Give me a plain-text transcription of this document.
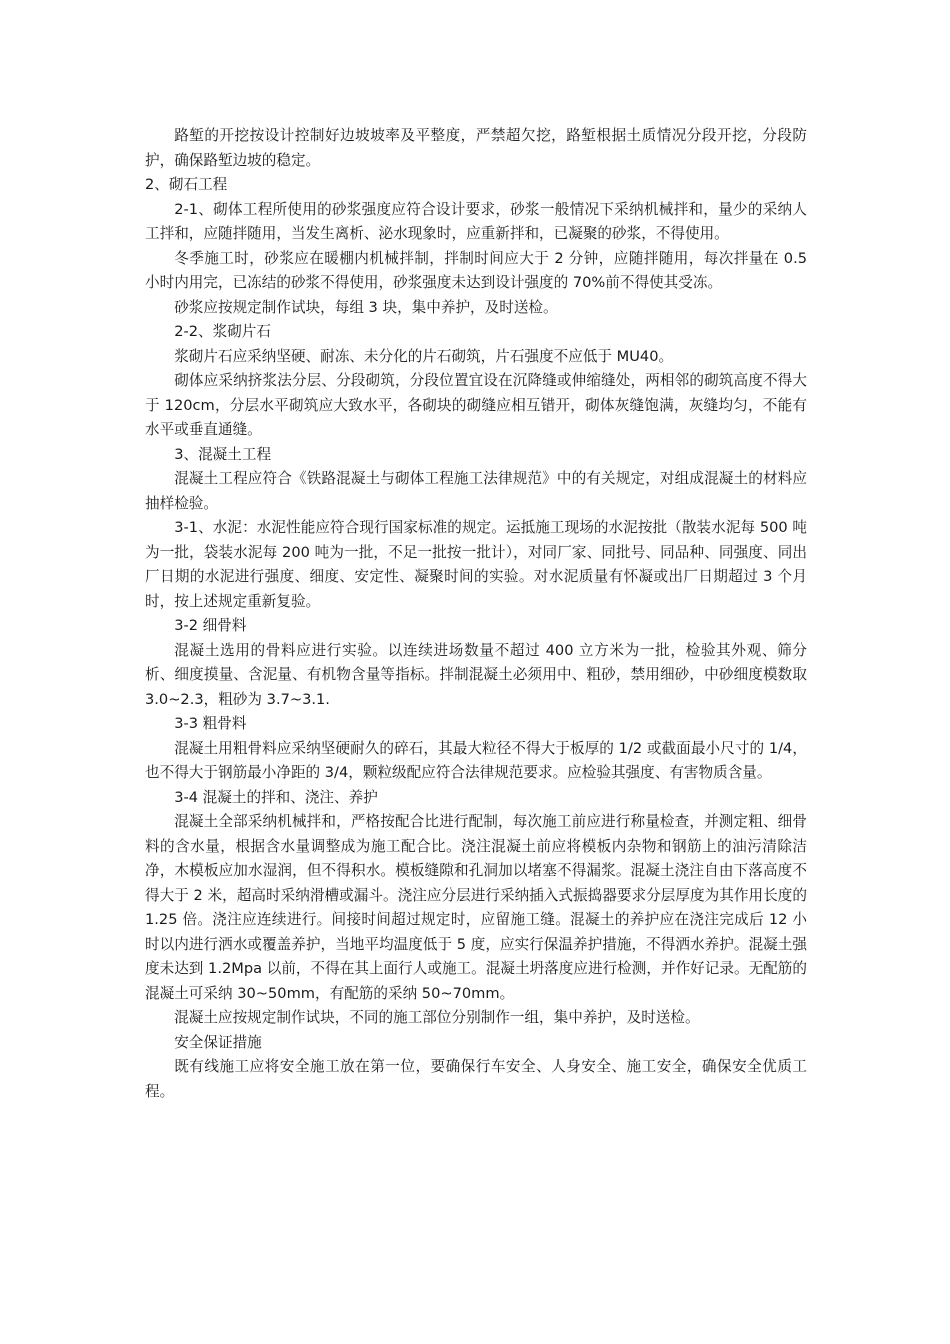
路堑的开挖按设计控制好边坡坡率及平整度，严禁超欠挖，路堑根据土质情况分段开挖，分段防护，确保路堑边坡的稳定。

2、砌石工程

2-1、砌体工程所使用的砂浆强度应符合设计要求，砂浆一般情况下采纳机械拌和，量少的采纳人工拌和，应随拌随用，当发生离析、泌水现象时，应重新拌和，已凝聚的砂浆，不得使用。

冬季施工时，砂浆应在暖棚内机械拌制，拌制时间应大于 2 分钟，应随拌随用，每次拌量在 0.5 小时内用完，已冻结的砂浆不得使用，砂浆强度未达到设计强度的 70%前不得使其受冻。

砂浆应按规定制作试块，每组 3 块，集中养护，及时送检。

2-2、浆砌片石

浆砌片石应采纳坚硬、耐冻、未分化的片石砌筑，片石强度不应低于 MU40。

砌体应采纳挤浆法分层、分段砌筑，分段位置宜设在沉降缝或伸缩缝处，两相邻的砌筑高度不得大于 120cm，分层水平砌筑应大致水平，各砌块的砌缝应相互错开，砌体灰缝饱满，灰缝均匀，不能有水平或垂直通缝。

3、混凝土工程

混凝土工程应符合《铁路混凝土与砌体工程施工法律规范》中的有关规定，对组成混凝土的材料应抽样检验。

3-1、水泥：水泥性能应符合现行国家标准的规定。运抵施工现场的水泥按批（散装水泥每 500 吨为一批，袋装水泥每 200 吨为一批，不足一批按一批计），对同厂家、同批号、同品种、同强度、同出厂日期的水泥进行强度、细度、安定性、凝聚时间的实验。对水泥质量有怀凝或出厂日期超过 3 个月时，按上述规定重新复验。

3-2 细骨料

混凝土选用的骨料应进行实验。以连续进场数量不超过 400 立方米为一批，检验其外观、筛分析、细度摸量、含泥量、有机物含量等指标。拌制混凝土必须用中、粗砂，禁用细砂，中砂细度模数取 3.0~2.3，粗砂为 3.7~3.1.

3-3 粗骨料

混凝土用粗骨料应采纳坚硬耐久的碎石，其最大粒径不得大于板厚的 1/2 或截面最小尺寸的 1/4，也不得大于钢筋最小净距的 3/4，颗粒级配应符合法律规范要求。应检验其强度、有害物质含量。

3-4 混凝土的拌和、浇注、养护

混凝土全部采纳机械拌和，严格按配合比进行配制，每次施工前应进行称量检查，并测定粗、细骨料的含水量，根据含水量调整成为施工配合比。浇注混凝土前应将模板内杂物和钢筋上的油污清除洁净，木模板应加水湿润，但不得积水。模板缝隙和孔洞加以堵塞不得漏浆。混凝土浇注自由下落高度不得大于 2 米，超高时采纳滑槽或漏斗。浇注应分层进行采纳插入式振捣器要求分层厚度为其作用长度的 1.25 倍。浇注应连续进行。间接时间超过规定时，应留施工缝。混凝土的养护应在浇注完成后 12 小时以内进行洒水或覆盖养护，当地平均温度低于 5 度，应实行保温养护措施，不得洒水养护。混凝土强度未达到 1.2Mpa 以前，不得在其上面行人或施工。混凝土坍落度应进行检测，并作好记录。无配筋的混凝土可采纳 30~50mm，有配筋的采纳 50~70mm。

混凝土应按规定制作试块，不同的施工部位分别制作一组，集中养护，及时送检。

安全保证措施

既有线施工应将安全施工放在第一位，要确保行车安全、人身安全、施工安全，确保安全优质工程。
